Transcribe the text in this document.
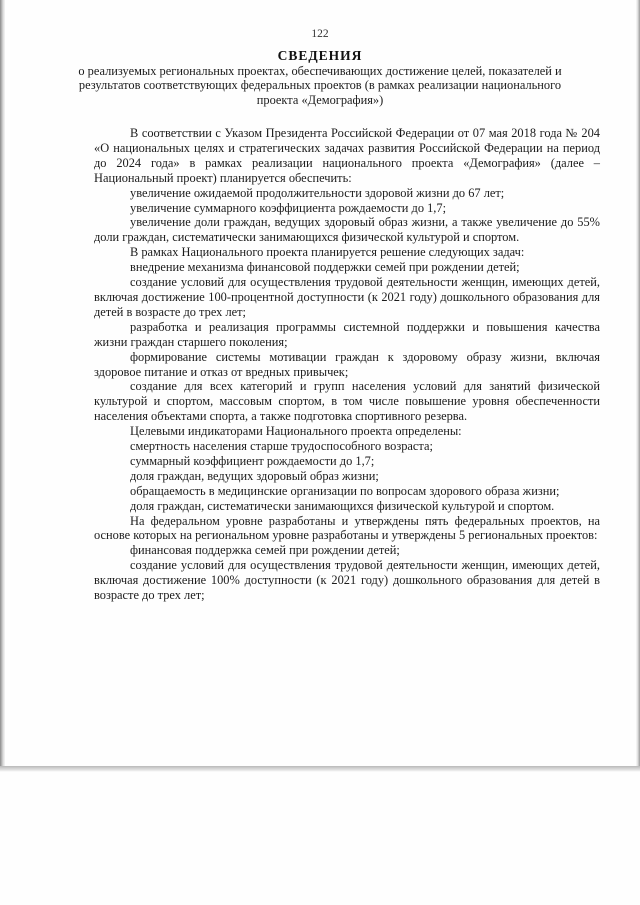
122
СВЕДЕНИЯ
о реализуемых региональных проектах, обеспечивающих достижение целей, показателей и результатов соответствующих федеральных проектов (в рамках реализации национального проекта «Демография»)

В соответствии с Указом Президента Российской Федерации от 07 мая 2018 года № 204 «О национальных целях и стратегических задачах развития Российской Федерации на период до 2024 года» в рамках реализации национального проекта «Демография» (далее – Национальный проект) планируется обеспечить:

увеличение ожидаемой продолжительности здоровой жизни до 67 лет;

увеличение суммарного коэффициента рождаемости до 1,7;

увеличение доли граждан, ведущих здоровый образ жизни, а также увеличение до 55% доли граждан, систематически занимающихся физической культурой и спортом.

В рамках Национального проекта планируется решение следующих задач:

внедрение механизма финансовой поддержки семей при рождении детей;

создание условий для осуществления трудовой деятельности женщин, имеющих детей, включая достижение 100-процентной доступности (к 2021 году) дошкольного образования для детей в возрасте до трех лет;

разработка и реализация программы системной поддержки и повышения качества жизни граждан старшего поколения;

формирование системы мотивации граждан к здоровому образу жизни, включая здоровое питание и отказ от вредных привычек;

создание для всех категорий и групп населения условий для занятий физической культурой и спортом, массовым спортом, в том числе повышение уровня обеспеченности населения объектами спорта, а также подготовка спортивного резерва.

Целевыми индикаторами Национального проекта определены:

смертность населения старше трудоспособного возраста;

суммарный коэффициент рождаемости до 1,7;

доля граждан, ведущих здоровый образ жизни;

обращаемость в медицинские организации по вопросам здорового образа жизни;

доля граждан, систематически занимающихся физической культурой и спортом.

На федеральном уровне разработаны и утверждены пять федеральных проектов, на основе которых на региональном уровне разработаны и утверждены 5 региональных проектов:

финансовая поддержка семей при рождении детей;

создание условий для осуществления трудовой деятельности женщин, имеющих детей, включая достижение 100% доступности (к 2021 году) дошкольного образования для детей в возрасте до трех лет;
